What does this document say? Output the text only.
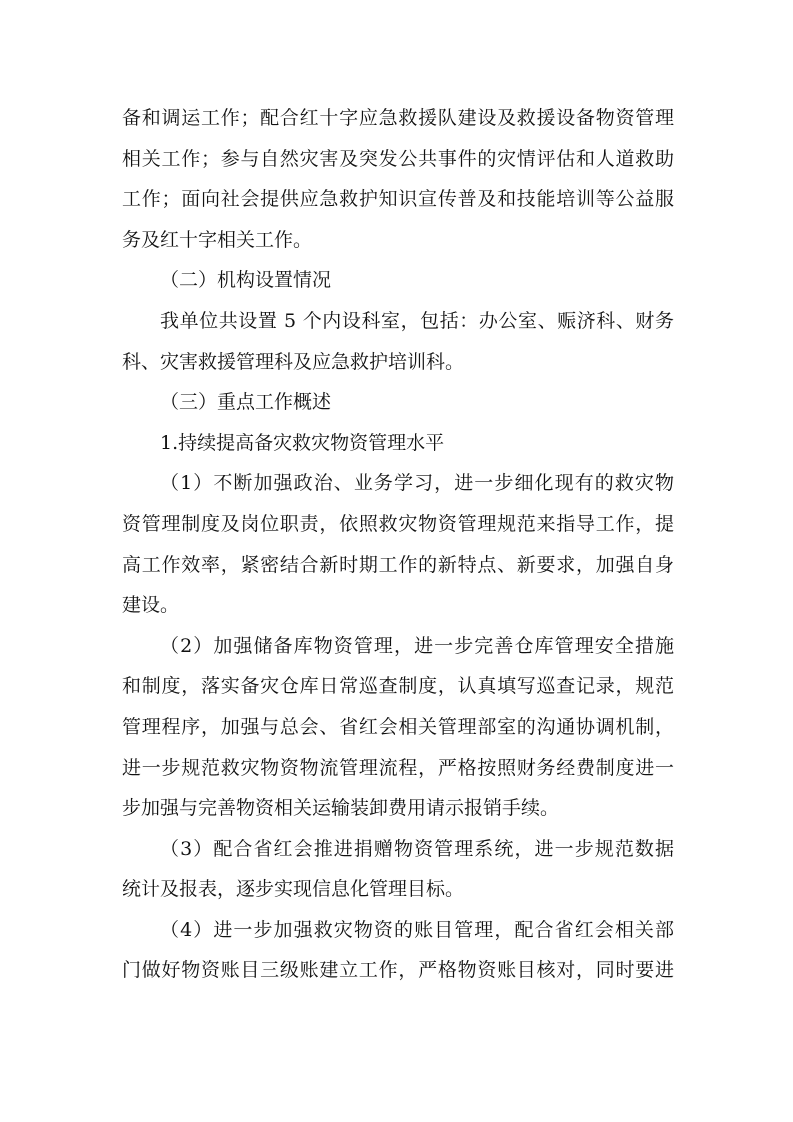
备和调运工作；配合红十字应急救援队建设及救援设备物资管理
相关工作；参与自然灾害及突发公共事件的灾情评估和人道救助
工作；面向社会提供应急救护知识宣传普及和技能培训等公益服
务及红十字相关工作。
（二）机构设置情况
我单位共设置 5 个内设科室，包括：办公室、赈济科、财务
科、灾害救援管理科及应急救护培训科。
（三）重点工作概述
1.持续提高备灾救灾物资管理水平
（1）不断加强政治、业务学习，进一步细化现有的救灾物
资管理制度及岗位职责，依照救灾物资管理规范来指导工作，提
高工作效率，紧密结合新时期工作的新特点、新要求，加强自身
建设。
（2）加强储备库物资管理，进一步完善仓库管理安全措施
和制度，落实备灾仓库日常巡查制度，认真填写巡查记录，规范
管理程序，加强与总会、省红会相关管理部室的沟通协调机制，
进一步规范救灾物资物流管理流程，严格按照财务经费制度进一
步加强与完善物资相关运输装卸费用请示报销手续。
（3）配合省红会推进捐赠物资管理系统，进一步规范数据
统计及报表，逐步实现信息化管理目标。
（4）进一步加强救灾物资的账目管理，配合省红会相关部
门做好物资账目三级账建立工作，严格物资账目核对，同时要进
